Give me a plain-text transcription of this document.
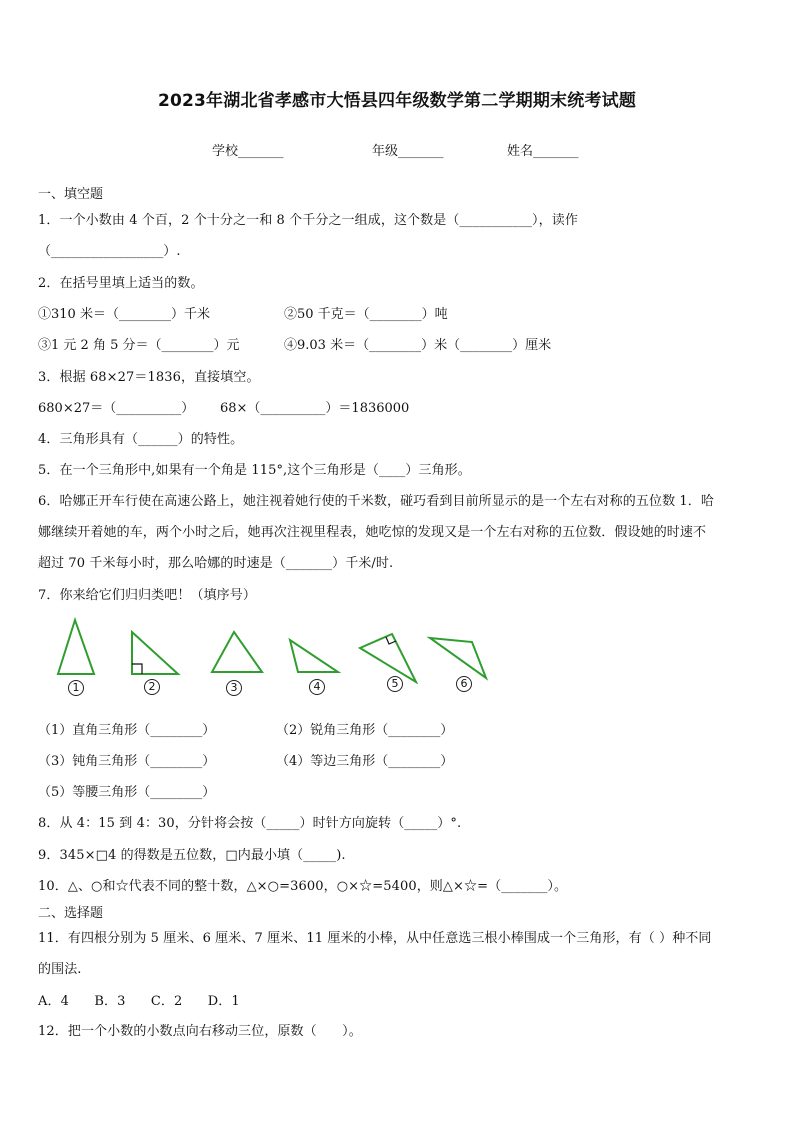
2023年湖北省孝感市大悟县四年级数学第二学期期末统考试题
学校_______	年级_______	姓名_______
一、填空题
1．一个小数由 4 个百，2 个十分之一和 8 个千分之一组成，这个数是（___________），读作
（_________________）.
2．在括号里填上适当的数。
①310 米＝（________）千米	②50 千克＝（________）吨
③1 元 2 角 5 分＝（________）元	④9.03 米＝（________）米（________）厘米
3．根据 68×27＝1836，直接填空。
680×27＝（__________） 68×（__________）＝1836000
4．三角形具有（______）的特性。
5．在一个三角形中,如果有一个角是 115°,这个三角形是（____）三角形。
6．哈娜正开车行使在高速公路上，她注视着她行使的千米数，碰巧看到目前所显示的是一个左右对称的五位数 1．哈
娜继续开着她的车，两个小时之后，她再次注视里程表，她吃惊的发现又是一个左右对称的五位数．假设她的时速不
超过 70 千米每小时，那么哈娜的时速是（_______）千米/时.
7．你来给它们归归类吧！（填序号）
1	2	3	4	5	6
（1）直角三角形（________）	（2）锐角三角形（________）
（3）钝角三角形（________）	（4）等边三角形（________）
（5）等腰三角形（________）
8．从 4：15 到 4：30，分针将会按（_____）时针方向旋转（_____）°.
9．345×□4 的得数是五位数，□内最小填（_____).
10．△、○和☆代表不同的整十数，△×○=3600，○×☆=5400，则△×☆=（_______）。
二、选择题
11．有四根分别为 5 厘米、6 厘米、7 厘米、11 厘米的小棒，从中任意选三根小棒围成一个三角形，有（ ）种不同
的围法.
A．4      B．3      C．2      D．1
12．把一个小数的小数点向右移动三位，原数（      ）。
